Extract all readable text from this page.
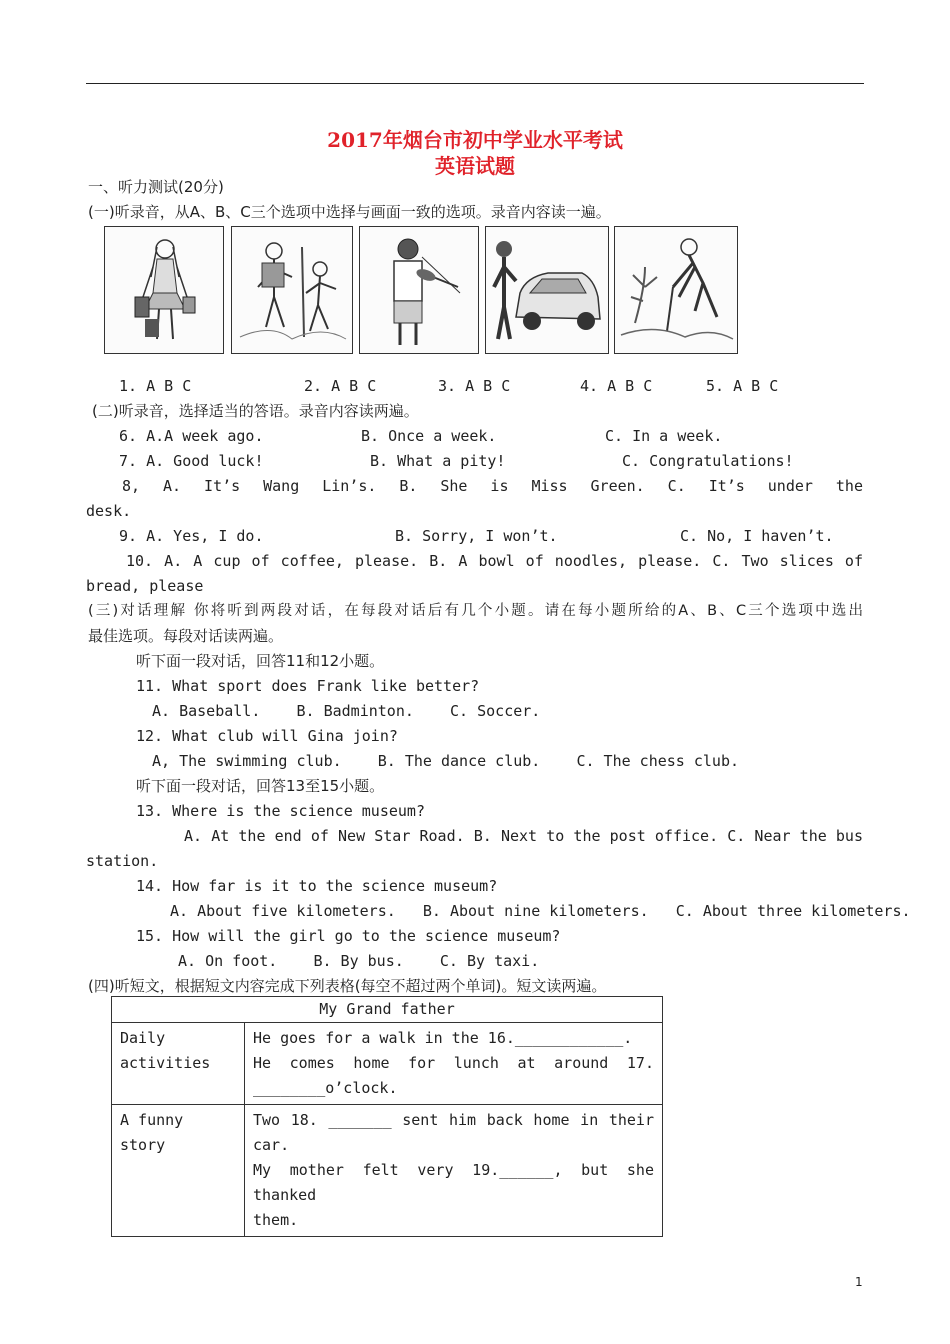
2017年烟台市初中学业水平考试
英语试题
一、听力测试(20分)
(一)听录音，从A、B、C三个选项中选择与画面一致的选项。录音内容读一遍。
1. A B C	2. A B C	3. A B C	4. A B C	5. A B C
(二)听录音，选择适当的答语。录音内容读两遍。
6. A.A week ago.	B. Once a week.	C. In a week.
7. A. Good luck!	B. What a pity!	C. Congratulations!
8, A. It’s Wang Lin’s. B. She is Miss Green. C. It’s under the
desk.
9. A. Yes, I do.	B. Sorry, I won’t.	C. No, I haven’t.
10. A. A cup of coffee, please. B. A bowl of noodles, please. C. Two slices of
bread, please
(三)对话理解 你将听到两段对话，在每段对话后有几个小题。请在每小题所给的A、B、C三个选项中选出
最佳选项。每段对话读两遍。
听下面一段对话，回答11和12小题。
11. What sport does Frank like better?
A. Baseball.    B. Badminton.    C. Soccer.
12. What club will Gina join?
A, The swimming club.    B. The dance club.    C. The chess club.
听下面一段对话，回答13至15小题。
13. Where is the science museum?
A. At the end of New Star Road. B. Next to the post office. C. Near the bus
station.
14. How far is it to the science museum?
A. About five kilometers.   B. About nine kilometers.   C. About three kilometers.
15. How will the girl go to the science museum?
A. On foot.    B. By bus.    C. By taxi.
(四)听短文，根据短文内容完成下列表格(每空不超过两个单词)。短文读两遍。
My Grand father	
Daily activities	He goes for a walk in the 16.____________.
He comes home for lunch at around 17.
________o’clock.

A funny story	Two 18. _______ sent him back home in their
car.
My mother felt very 19.______, but she thanked
them.
1
